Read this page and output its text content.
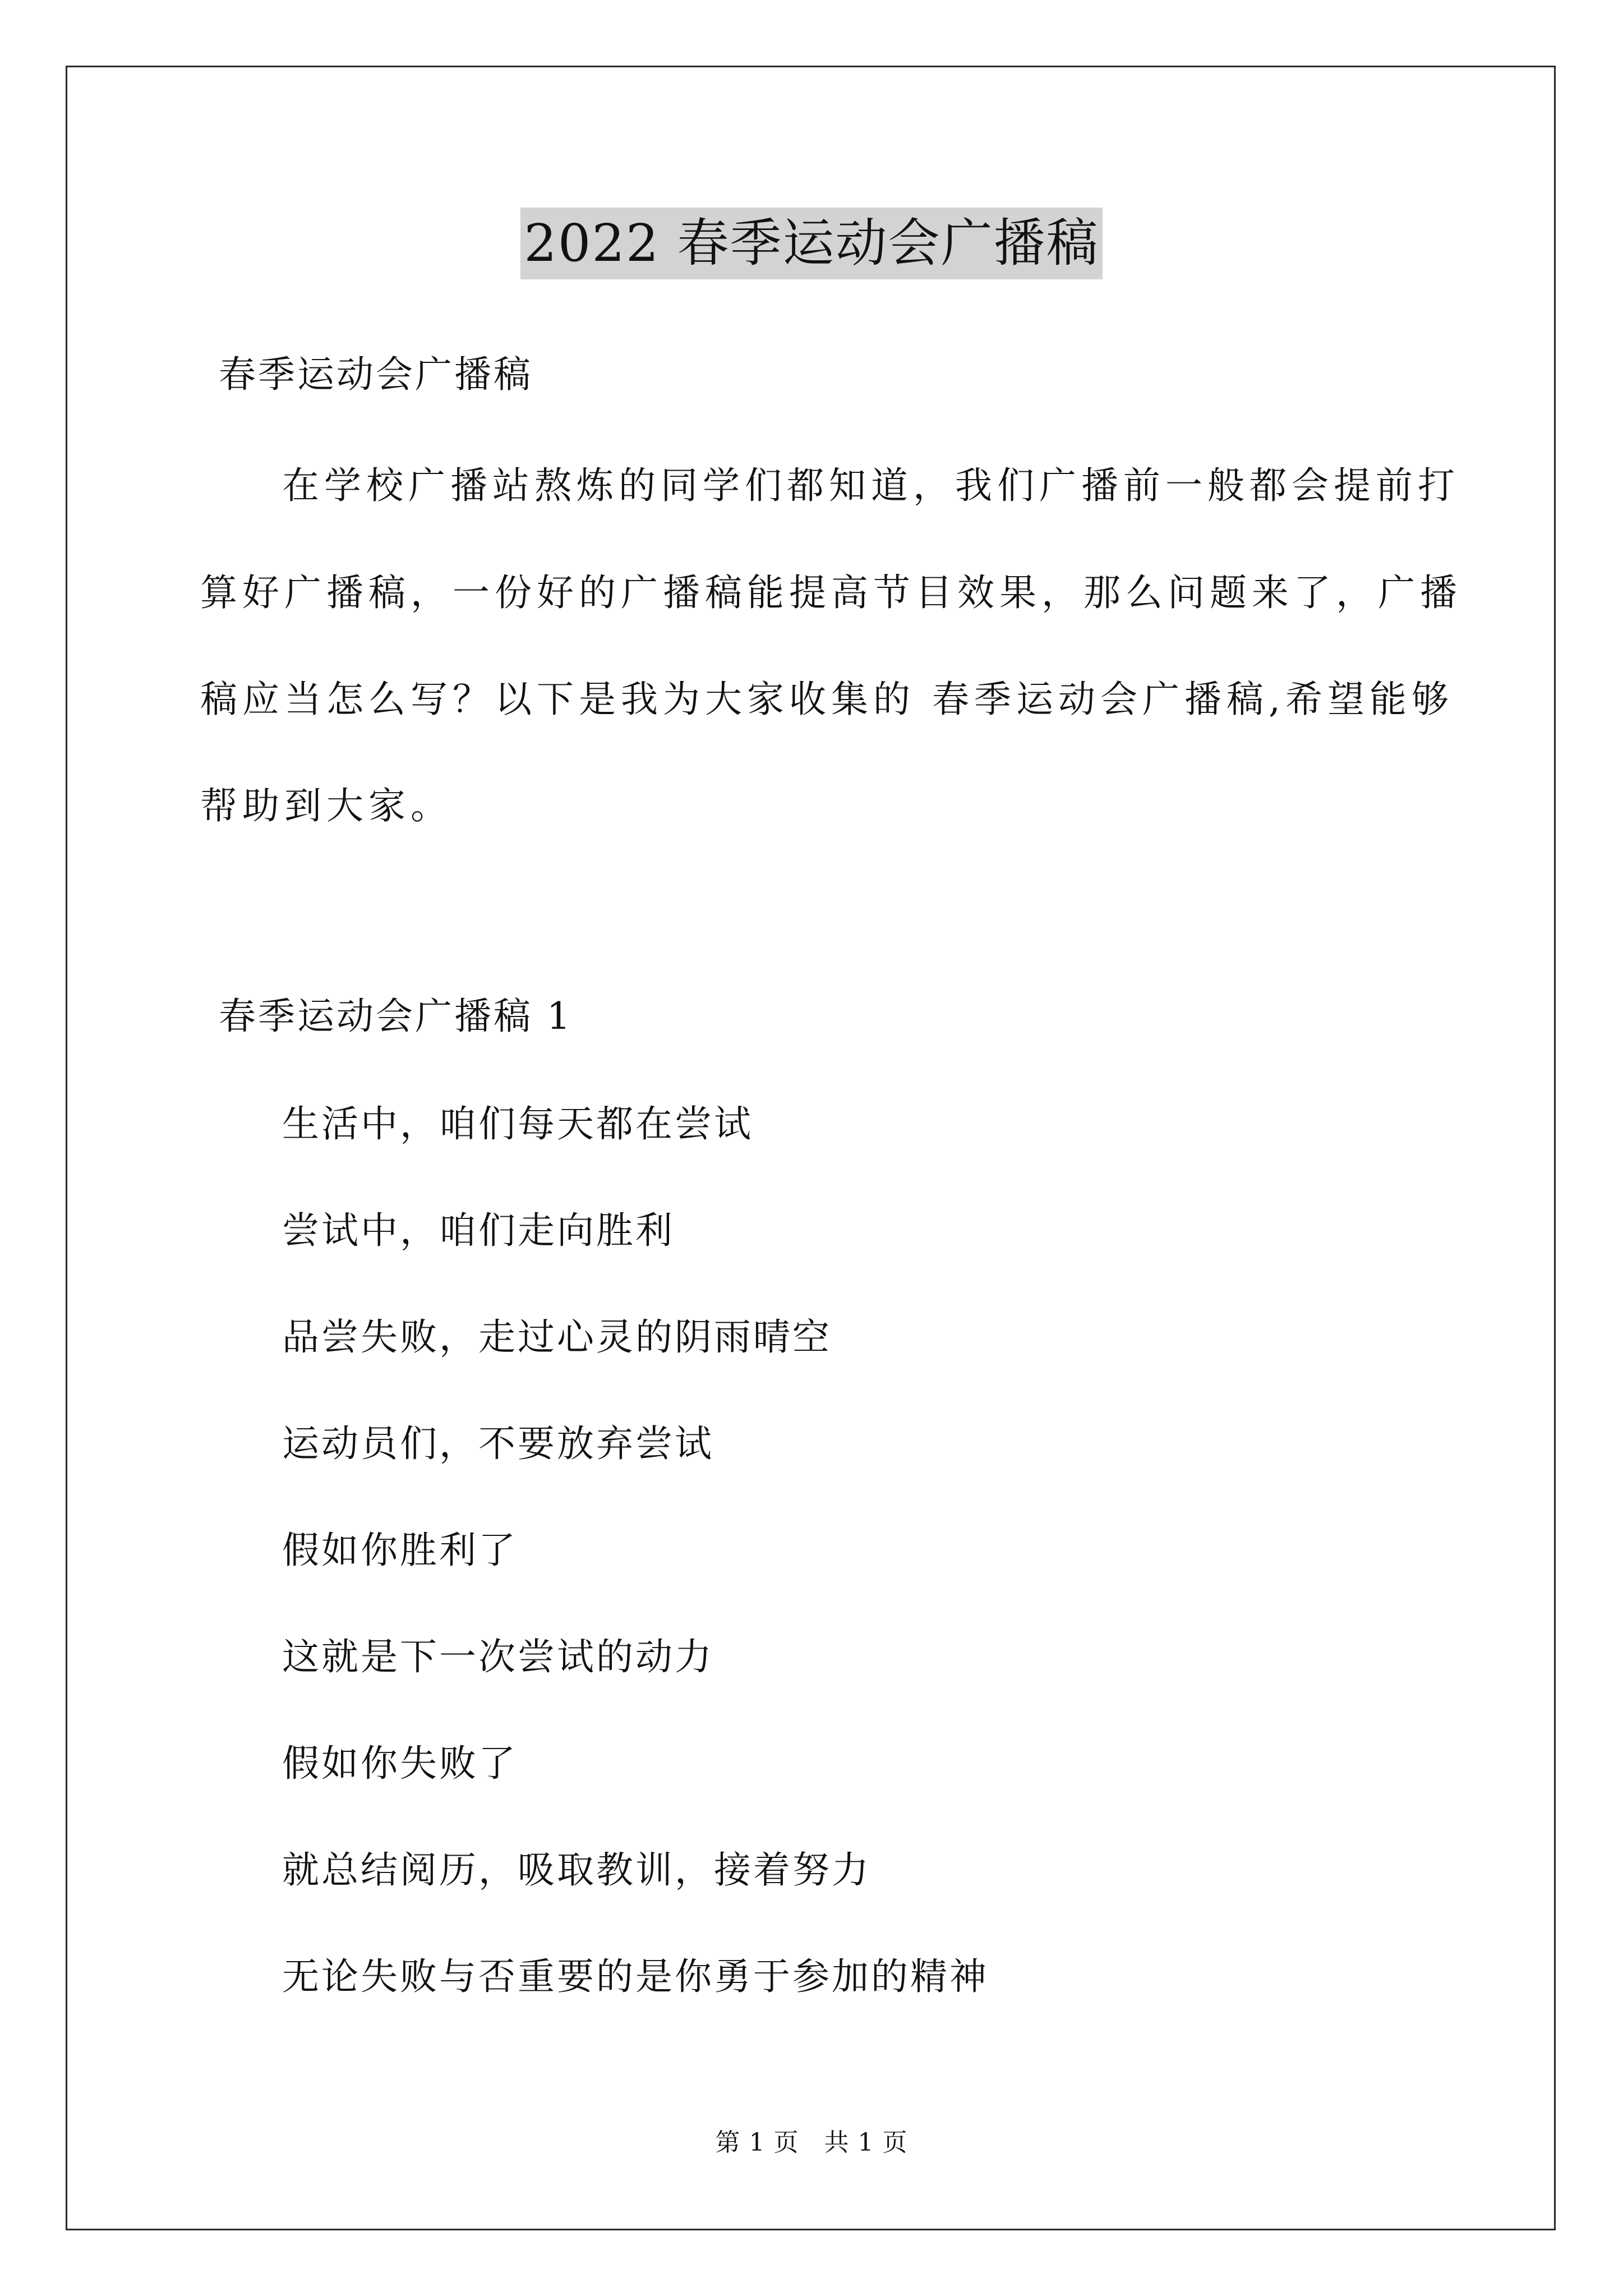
2022 春季运动会广播稿
春季运动会广播稿
在学校广播站熬炼的同学们都知道，我们广播前一般都会提前打
算好广播稿，一份好的广播稿能提高节目效果，那么问题来了，广播
稿应当怎么写？以下是我为大家收集的 春季运动会广播稿,希望能够
帮助到大家。
春季运动会广播稿 1
生活中，咱们每天都在尝试
尝试中，咱们走向胜利
品尝失败，走过心灵的阴雨晴空
运动员们，不要放弃尝试
假如你胜利了
这就是下一次尝试的动力
假如你失败了
就总结阅历，吸取教训，接着努力
无论失败与否重要的是你勇于参加的精神
第 1 页　共 1 页
